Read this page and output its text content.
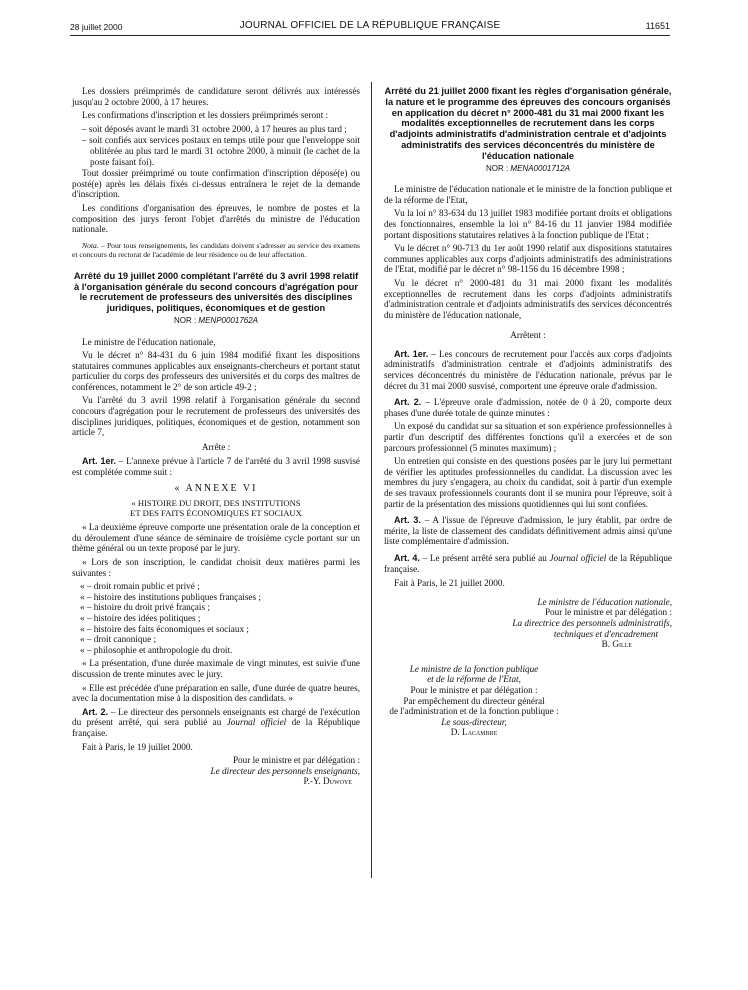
28 juillet 2000	JOURNAL OFFICIEL DE LA RÉPUBLIQUE FRANÇAISE	11651

Les dossiers préimprimés de candidature seront délivrés aux intéressés jusqu'au 2 octobre 2000, à 17 heures.

Les confirmations d'inscription et les dossiers préimprimés seront :

– soit déposés avant le mardi 31 octobre 2000, à 17 heures au plus tard ;
– soit confiés aux services postaux en temps utile pour que l'enveloppe soit oblitérée au plus tard le mardi 31 octobre 2000, à minuit (le cachet de la poste faisant foi).

Tout dossier préimprimé ou toute confirmation d'inscription déposé(e) ou posté(e) après les délais fixés ci-dessus entraînera le rejet de la demande d'inscription.

Les conditions d'organisation des épreuves, le nombre de postes et la composition des jurys feront l'objet d'arrêtés du ministre de l'éducation nationale.

Nota. – Pour tous renseignements, les candidats doivent s'adresser au service des examens et concours du rectorat de l'académie de leur résidence ou de leur affectation.

Arrêté du 19 juillet 2000 complétant l'arrêté du 3 avril 1998 relatif à l'organisation générale du second concours d'agrégation pour le recrutement de professeurs des universités des disciplines juridiques, politiques, économiques et de gestion
NOR : MENP0001762A

Le ministre de l'éducation nationale,

Vu le décret n° 84-431 du 6 juin 1984 modifié fixant les dispositions statutaires communes applicables aux enseignants-chercheurs et portant statut particulier du corps des professeurs des universités et du corps des maîtres de conférences, notamment le 2° de son article 49-2 ;

Vu l'arrêté du 3 avril 1998 relatif à l'organisation générale du second concours d'agrégation pour le recrutement de professeurs des universités des disciplines juridiques, politiques, économiques et de gestion, notamment son article 7,

Arrête :

Art. 1er. – L'annexe prévue à l'article 7 de l'arrêté du 3 avril 1998 susvisé est complétée comme suit :

« ANNEXE VI
« HISTOIRE DU DROIT, DES INSTITUTIONS
ET DES FAITS ÉCONOMIQUES ET SOCIAUX

« La deuxième épreuve comporte une présentation orale de la conception et du déroulement d'une séance de séminaire de troisième cycle portant sur un thème général ou un texte proposé par le jury.

« Lors de son inscription, le candidat choisit deux matières parmi les suivantes :

« – droit romain public et privé ;
« – histoire des institutions publiques françaises ;
« – histoire du droit privé français ;
« – histoire des idées politiques ;
« – histoire des faits économiques et sociaux ;
« – droit canonique ;
« – philosophie et anthropologie du droit.

« La présentation, d'une durée maximale de vingt minutes, est suivie d'une discussion de trente minutes avec le jury.

« Elle est précédée d'une préparation en salle, d'une durée de quatre heures, avec la documentation mise à la disposition des candidats. »

Art. 2. – Le directeur des personnels enseignants est chargé de l'exécution du présent arrêté, qui sera publié au Journal officiel de la République française.

Fait à Paris, le 19 juillet 2000.

Pour le ministre et par délégation :

Le directeur des personnels enseignants,

P.-Y. Duwoye

Arrêté du 21 juillet 2000 fixant les règles d'organisation générale, la nature et le programme des épreuves des concours organisés en application du décret n° 2000-481 du 31 mai 2000 fixant les modalités exceptionnelles de recrutement dans les corps d'adjoints administratifs d'administration centrale et d'adjoints administratifs des services déconcentrés du ministère de l'éducation nationale
NOR : MENA0001712A

Le ministre de l'éducation nationale et le ministre de la fonction publique et de la réforme de l'Etat,

Vu la loi n° 83-634 du 13 juillet 1983 modifiée portant droits et obligations des fonctionnaires, ensemble la loi n° 84-16 du 11 janvier 1984 modifiée portant dispositions statutaires relatives à la fonction publique de l'Etat ;

Vu le décret n° 90-713 du 1er août 1990 relatif aux dispositions statutaires communes applicables aux corps d'adjoints administratifs des administrations de l'Etat, modifié par le décret n° 98-1156 du 16 décembre 1998 ;

Vu le décret n° 2000-481 du 31 mai 2000 fixant les modalités exceptionnelles de recrutement dans les corps d'adjoints administratifs d'administration centrale et d'adjoints administratifs des services déconcentrés du ministère de l'éducation nationale,

Arrêtent :

Art. 1er. – Les concours de recrutement pour l'accès aux corps d'adjoints administratifs d'administration centrale et d'adjoints administratifs des services déconcentrés du ministère de l'éducation nationale, prévus par le décret du 31 mai 2000 susvisé, comportent une épreuve orale d'admission.

Art. 2. – L'épreuve orale d'admission, notée de 0 à 20, comporte deux phases d'une durée totale de quinze minutes :

Un exposé du candidat sur sa situation et son expérience professionnelles à partir d'un descriptif des différentes fonctions qu'il a exercées et de son parcours professionnel (5 minutes maximum) ;

Un entretien qui consiste en des questions posées par le jury lui permettant de vérifier les aptitudes professionnelles du candidat. La discussion avec les membres du jury s'engagera, au choix du candidat, soit à partir d'un exemple de ses travaux professionnels courants dont il se munira pour l'épreuve, soit à partir de la présentation des missions quotidiennes qui lui sont confiées.

Art. 3. – A l'issue de l'épreuve d'admission, le jury établit, par ordre de mérite, la liste de classement des candidats définitivement admis ainsi qu'une liste complémentaire d'admission.

Art. 4. – Le présent arrêté sera publié au Journal officiel de la République française.

Fait à Paris, le 21 juillet 2000.

Le ministre de l'éducation nationale,

Pour le ministre et par délégation :

La directrice des personnels administratifs,

techniques et d'encadrement

B. Gille

Le ministre de la fonction publique

et de la réforme de l'Etat,

Pour le ministre et par délégation :

Par empêchement du directeur général

de l'administration et de la fonction publique :

Le sous-directeur,

D. Lacambre
